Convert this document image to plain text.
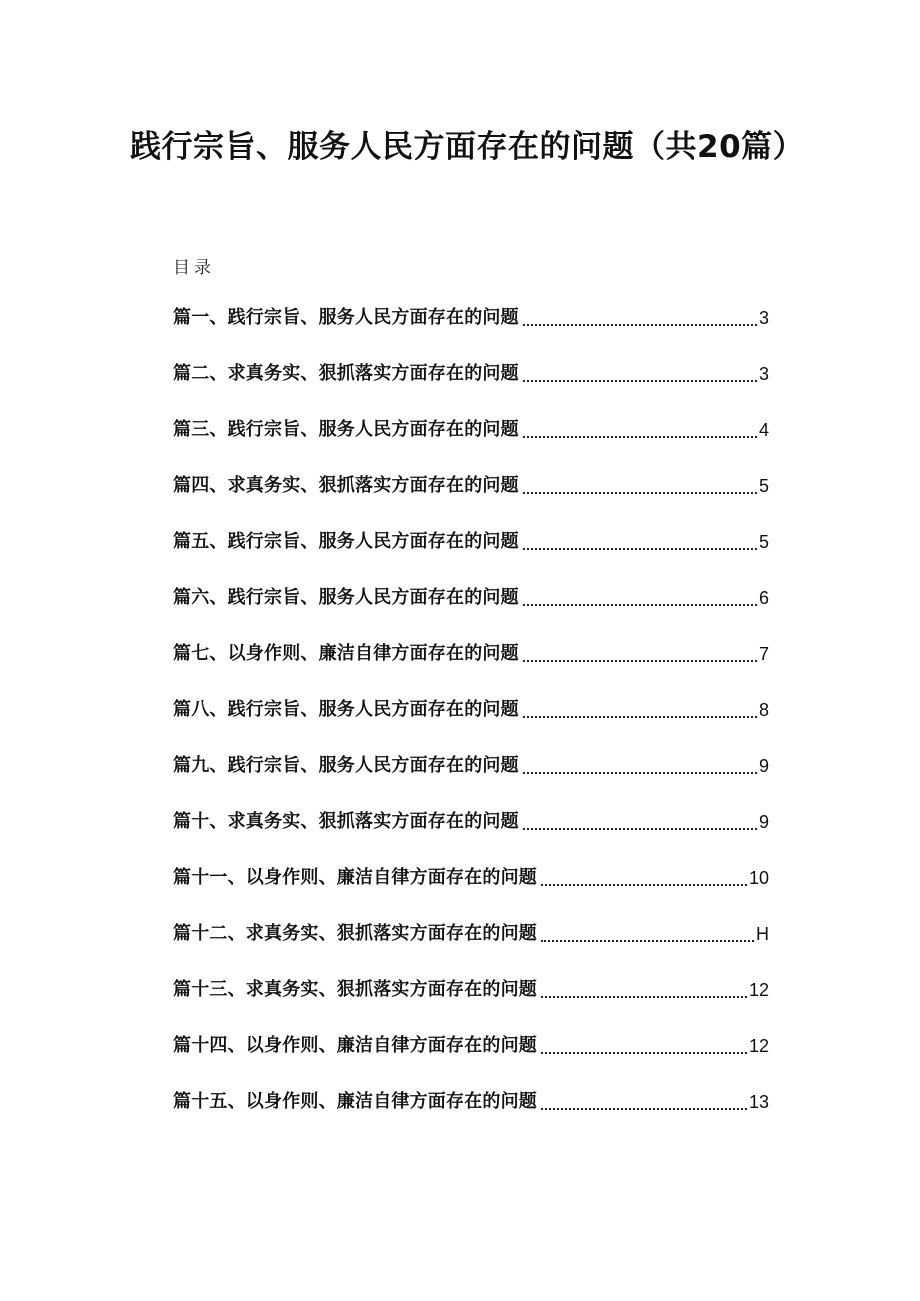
践行宗旨、服务人民方面存在的问题（共20篇）
目录
篇一、践行宗旨、服务人民方面存在的问题	3
篇二、求真务实、狠抓落实方面存在的问题	3
篇三、践行宗旨、服务人民方面存在的问题	4
篇四、求真务实、狠抓落实方面存在的问题	5
篇五、践行宗旨、服务人民方面存在的问题	5
篇六、践行宗旨、服务人民方面存在的问题	6
篇七、以身作则、廉洁自律方面存在的问题	7
篇八、践行宗旨、服务人民方面存在的问题	8
篇九、践行宗旨、服务人民方面存在的问题	9
篇十、求真务实、狠抓落实方面存在的问题	9
篇十一、以身作则、廉洁自律方面存在的问题	10
篇十二、求真务实、狠抓落实方面存在的问题	H
篇十三、求真务实、狠抓落实方面存在的问题	12
篇十四、以身作则、廉洁自律方面存在的问题	12
篇十五、以身作则、廉洁自律方面存在的问题	13
